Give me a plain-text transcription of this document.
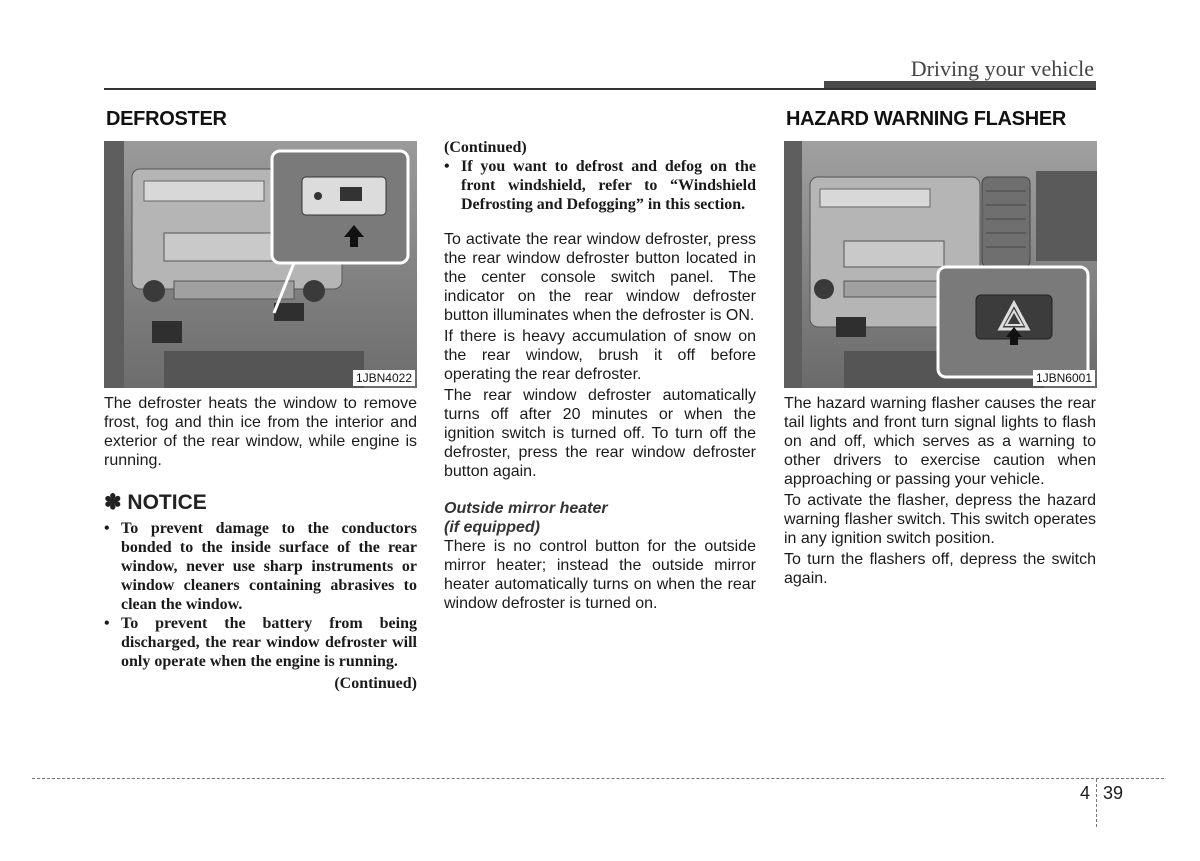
Driving your vehicle
DEFROSTER
1JBN4022

The defroster heats the window to remove frost, fog and thin ice from the interior and exterior of the rear window, while engine is running.

✽ NOTICE
• To prevent damage to the conductors bonded to the inside surface of the rear window, never use sharp instruments or window cleaners containing abrasives to clean the window.
• To prevent the battery from being discharged, the rear window defroster will only operate when the engine is running.
(Continued)
(Continued)
• If you want to defrost and defog on the front windshield, refer to “Windshield Defrosting and Defogging” in this section.

To activate the rear window defroster, press the rear window defroster button located in the center console switch panel. The indicator on the rear window defroster button illuminates when the defroster is ON.

If there is heavy accumulation of snow on the rear window, brush it off before operating the rear defroster.

The rear window defroster automatically turns off after 20 minutes or when the ignition switch is turned off. To turn off the defroster, press the rear window defroster button again.

Outside mirror heater
(if equipped)

There is no control button for the outside mirror heater; instead the outside mirror heater automatically turns on when the rear window defroster is turned on.

HAZARD WARNING FLASHER
1JBN6001

The hazard warning flasher causes the rear tail lights and front turn signal lights to flash on and off, which serves as a warning to other drivers to exercise caution when approaching or passing your vehicle.

To activate the flasher, depress the hazard warning flasher switch. This switch operates in any ignition switch position.

To turn the flashers off, depress the switch again.

4 39
